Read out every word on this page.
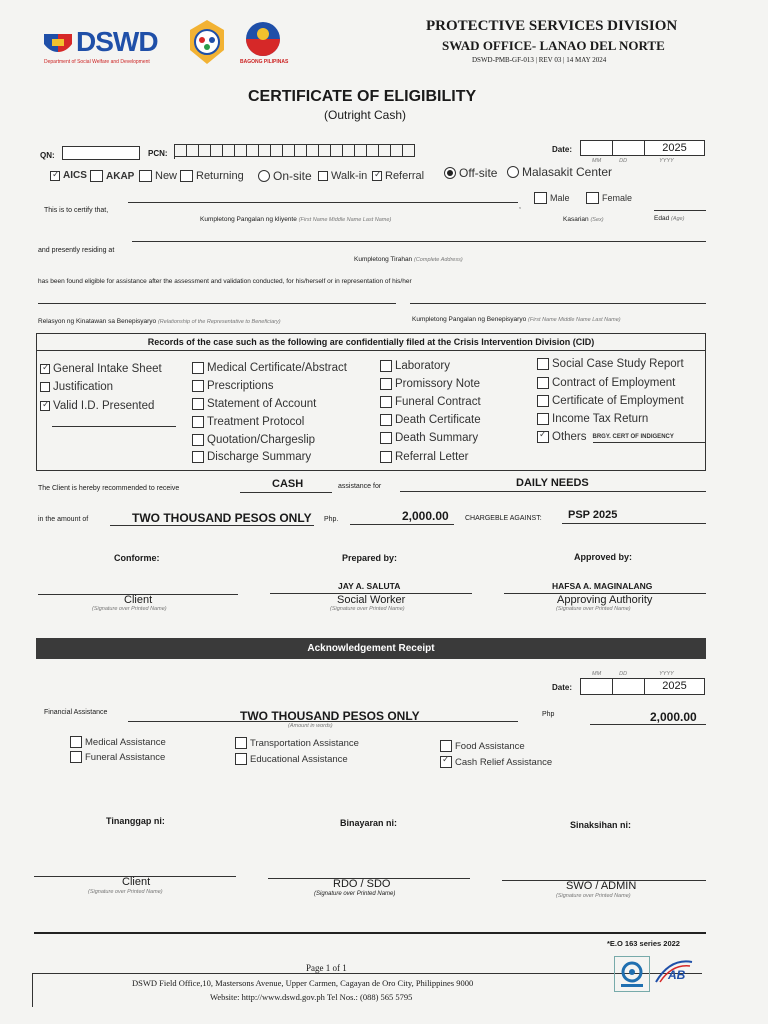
DSWD
Department of Social Welfare and Development	BAGONG PILIPINAS
PROTECTIVE SERVICES DIVISION
SWAD OFFICE- LANAO DEL NORTE
DSWD-PMB-GF-013 | REV 03 | 14 MAY 2024
CERTIFICATE OF ELIGIBILITY
(Outright Cash)
QN:	PCN:	Date:	2025
MM	DD	YYYY
✓
AICS AKAP New Returning On-site Walk-in
✓ Referral	Off-site Malasakit Center
Male	Female
This is to certify that,
,
Kumpletong Pangalan ng kliyente (First Name Middle Name Last Name)	Kasarian (Sex)	Edad (Age)
and presently residing at
Kumpletong Tirahan (Complete Address)
has been found eligible for assistance after the assessment and validation conducted, for his/herself or in representation of his/her
Relasyon ng Kinatawan sa Benepisyaryo (Relationship of the Representative to Beneficiary)	Kumpletong Pangalan ng Benepisyaryo (First Name Middle Name Last Name)
Records of the case such as the following are confidentially filed at the Crisis Intervention Division (CID)
✓
General Intake Sheet
Justification
✓
Valid I.D. Presented
Medical Certificate/Abstract
Prescriptions
Statement of Account
Treatment Protocol
Quotation/Chargeslip
Discharge Summary
Laboratory
Promissory Note
Funeral Contract
Death Certificate
Death Summary
Referral Letter
Social Case Study Report
Contract of Employment
Certificate of Employment
Income Tax Return
✓
Others BRGY. CERT OF INDIGENCY
The Client is hereby recommended to receive	CASH	assistance for	DAILY NEEDS
in the amount of	TWO THOUSAND PESOS ONLY Php.	2,000.00 CHARGEBLE AGAINST: PSP 2025
Conforme:	Prepared by:	Approved by:
Client
(Signature over Printed Name)
JAY A. SALUTA
Social Worker
(Signature over Printed Name)
HAFSA A. MAGINALANG
Approving Authority
(Signature over Printed Name)
Acknowledgement Receipt
MM	DD	YYYY
Date:	2025
Financial Assistance	TWO THOUSAND PESOS ONLY
(Amount in words)
Php	2,000.00
Medical Assistance
Funeral Assistance
Transportation Assistance
Educational Assistance
Food Assistance
✓
Cash Relief Assistance
Tinanggap ni:	Binayaran ni:	Sinaksihan ni:
Client
(Signature over Printed Name)
RDO / SDO
(Signature over Printed Name)
SWO / ADMIN
(Signature over Printed Name)
*E.O 163 series 2022
Page 1 of 1
DSWD Field Office,10, Mastersons Avenue, Upper Carmen, Cagayan de Oro City, Philippines 9000
Website: http://www.dswd.gov.ph Tel Nos.: (088) 565 5795
AB
